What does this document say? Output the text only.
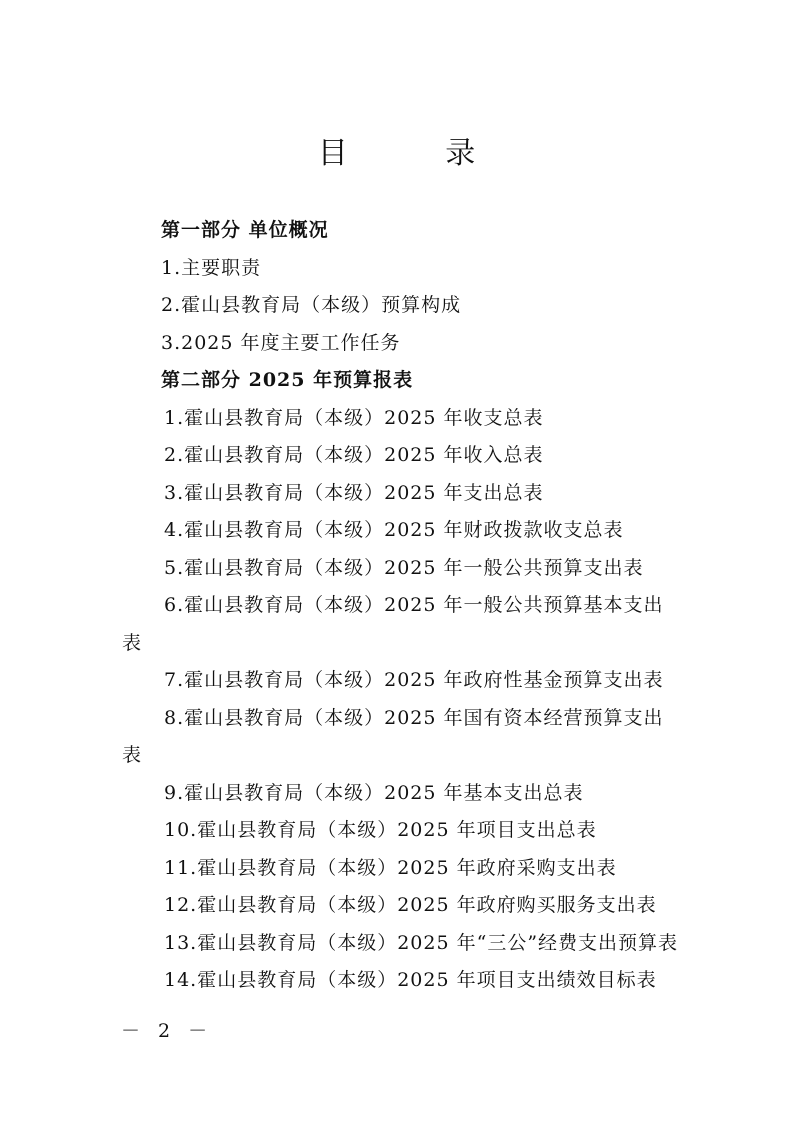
目 录
第一部分 单位概况
1.主要职责
2.霍山县教育局（本级）预算构成
3.2025 年度主要工作任务
第二部分 2025 年预算报表
1.霍山县教育局（本级）2025 年收支总表
2.霍山县教育局（本级）2025 年收入总表
3.霍山县教育局（本级）2025 年支出总表
4.霍山县教育局（本级）2025 年财政拨款收支总表
5.霍山县教育局（本级）2025 年一般公共预算支出表
6.霍山县教育局（本级）2025 年一般公共预算基本支出
表
7.霍山县教育局（本级）2025 年政府性基金预算支出表
8.霍山县教育局（本级）2025 年国有资本经营预算支出
表
9.霍山县教育局（本级）2025 年基本支出总表
10.霍山县教育局（本级）2025 年项目支出总表
11.霍山县教育局（本级）2025 年政府采购支出表
12.霍山县教育局（本级）2025 年政府购买服务支出表
13.霍山县教育局（本级）2025 年“三公”经费支出预算表
14.霍山县教育局（本级）2025 年项目支出绩效目标表
－ 2 －
